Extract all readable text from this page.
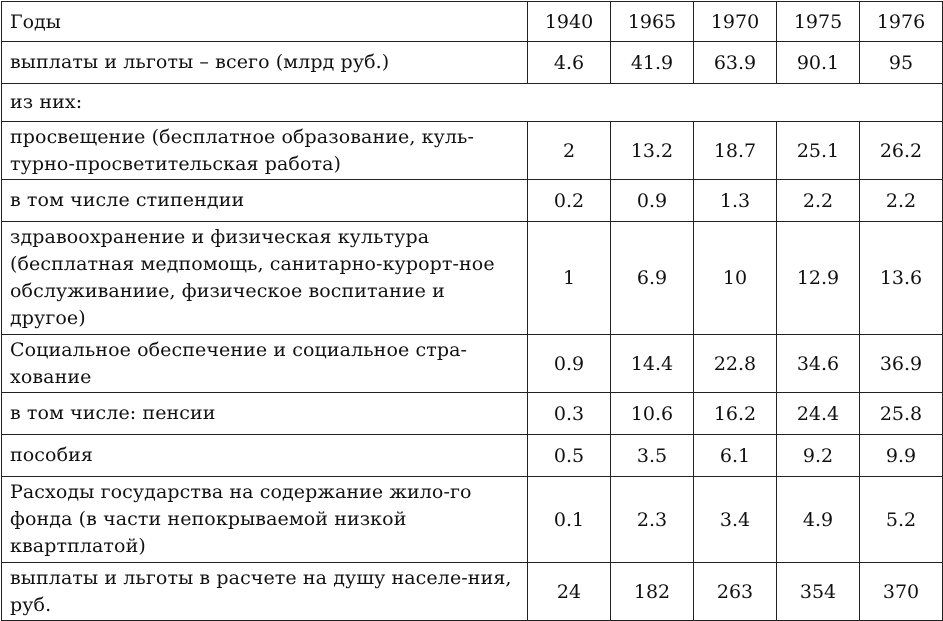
Годы	1940	1965	1970	1975	1976
выплаты и льготы – всего (млрд руб.)	4.6	41.9	63.9	90.1	95
из них:					
просвещение (бесплатное образование, куль-турно-просветительская работа)	2	13.2	18.7	25.1	26.2
в том числе стипендии	0.2	0.9	1.3	2.2	2.2
здравоохранение и физическая культура (бесплатная медпомощь, санитарно-курорт-ное обслуживаниие, физическое воспитание и другое)	1	6.9	10	12.9	13.6
Социальное обеспечение и социальное стра-хование	0.9	14.4	22.8	34.6	36.9
в том числе: пенсии	0.3	10.6	16.2	24.4	25.8
пособия	0.5	3.5	6.1	9.2	9.9
Расходы государства на содержание жило-го фонда (в части непокрываемой низкой квартплатой)	0.1	2.3	3.4	4.9	5.2
выплаты и льготы в расчете на душу населе-ния, руб.	24	182	263	354	370
